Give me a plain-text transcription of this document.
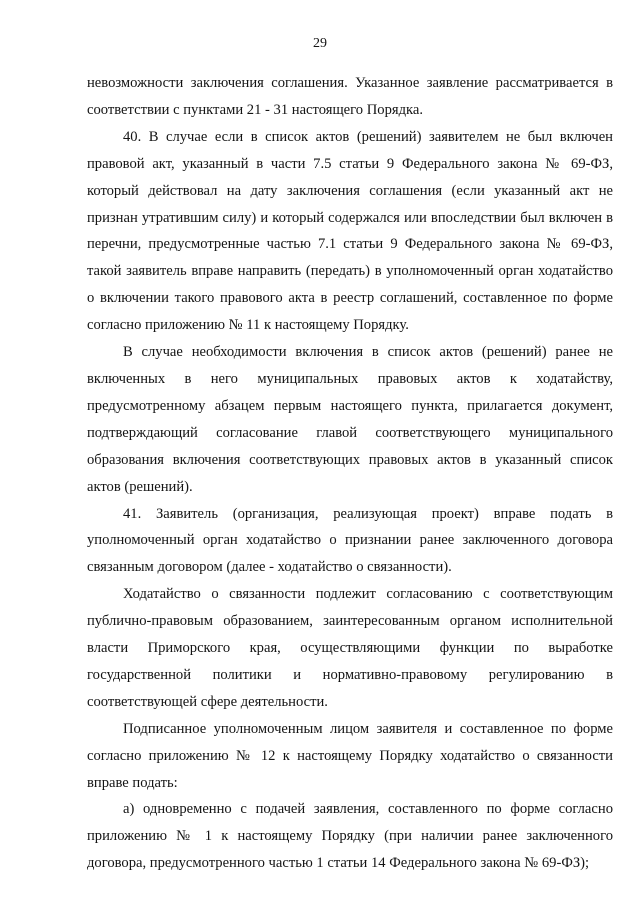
29

невозможности заключения соглашения. Указанное заявление рассматривается в соответствии с пунктами 21 - 31 настоящего Порядка.

40. В случае если в список актов (решений) заявителем не был включен правовой акт, указанный в части 7.5 статьи 9 Федерального закона № 69-ФЗ, который действовал на дату заключения соглашения (если указанный акт не признан утратившим силу) и который содержался или впоследствии был включен в перечни, предусмотренные частью 7.1 статьи 9 Федерального закона № 69-ФЗ, такой заявитель вправе направить (передать) в уполномоченный орган ходатайство о включении такого правового акта в реестр соглашений, составленное по форме согласно приложению № 11 к настоящему Порядку.

В случае необходимости включения в список актов (решений) ранее не включенных в него муниципальных правовых актов к ходатайству, предусмотренному абзацем первым настоящего пункта, прилагается документ, подтверждающий согласование главой соответствующего муниципального образования включения соответствующих правовых актов в указанный список актов (решений).

41. Заявитель (организация, реализующая проект) вправе подать в уполномоченный орган ходатайство о признании ранее заключенного договора связанным договором (далее - ходатайство о связанности).

Ходатайство о связанности подлежит согласованию с соответствующим публично-правовым образованием, заинтересованным органом исполнительной власти Приморского края, осуществляющими функции по выработке государственной политики и нормативно-правовому регулированию в соответствующей сфере деятельности.

Подписанное уполномоченным лицом заявителя и составленное по форме согласно приложению № 12 к настоящему Порядку ходатайство о связанности вправе подать:

а) одновременно с подачей заявления, составленного по форме согласно приложению № 1 к настоящему Порядку (при наличии ранее заключенного договора, предусмотренного частью 1 статьи 14 Федерального закона № 69-ФЗ);
